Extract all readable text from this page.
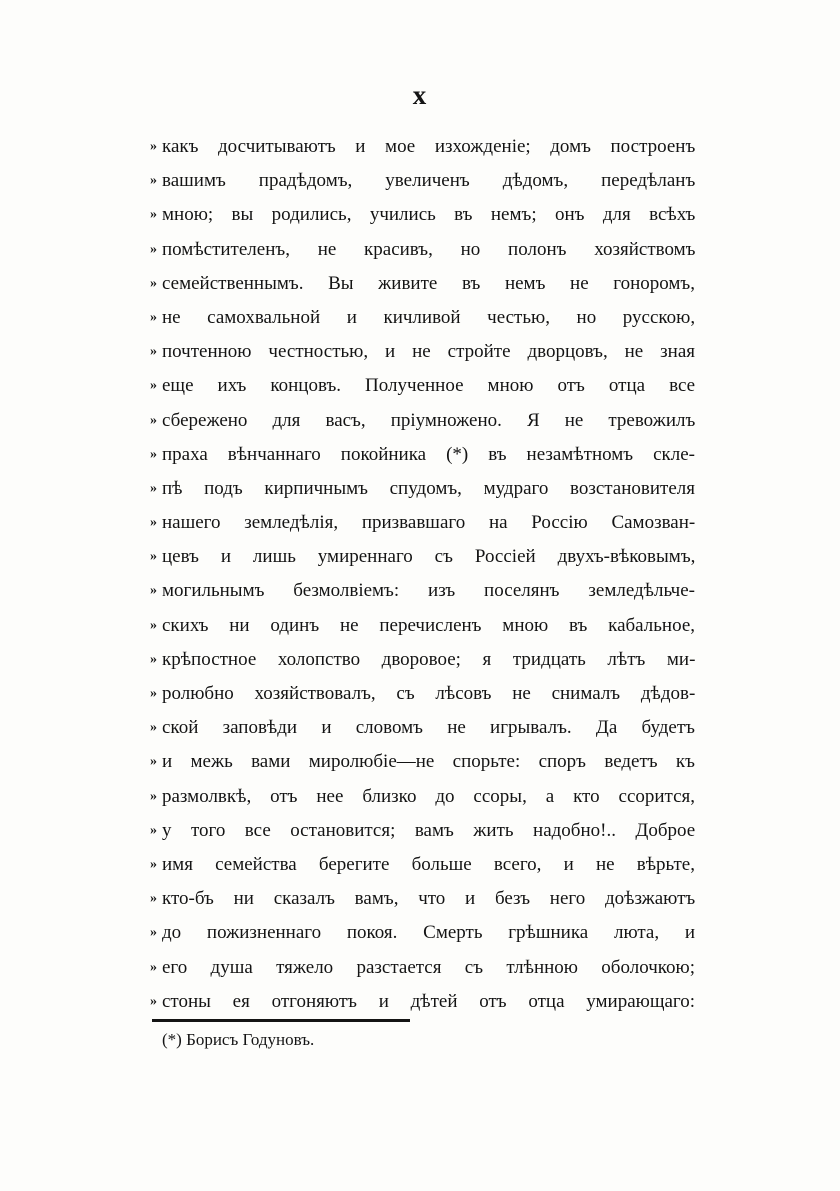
x
» какъ досчитываютъ и мое изхожденіе; домъ построенъ
» вашимъ прадѣдомъ, увеличенъ дѣдомъ, передѣланъ
» мною; вы родились, учились въ немъ; онъ для всѣхъ
» помѣстителенъ, не красивъ, но полонъ хозяйствомъ
» семейственнымъ. Вы живите въ немъ не гоноромъ,
» не самохвальной и кичливой честью, но русскою,
» почтенною честностью, и не стройте дворцовъ, не зная
» еще ихъ концовъ. Полученное мною отъ отца все
» сбережено для васъ, пріумножено. Я не тревожилъ
» праха вѣнчаннаго покойника (*) въ незамѣтномъ скле-
» пѣ подъ кирпичнымъ спудомъ, мудраго возстановителя
» нашего земледѣлія, призвавшаго на Россію Самозван-
» цевъ и лишь умиреннаго съ Россіей двухъ-вѣковымъ,
» могильнымъ безмолвіемъ: изъ поселянъ земледѣльче-
» скихъ ни одинъ не перечисленъ мною въ кабальное,
» крѣпостное холопство дворовое; я тридцать лѣтъ ми-
» ролюбно хозяйствовалъ, съ лѣсовъ не снималъ дѣдов-
» ской заповѣди и словомъ не игрывалъ. Да будетъ
» и межь вами миролюбіе—не спорьте: споръ ведетъ къ
» размолвкѣ, отъ нее близко до ссоры, а кто ссорится,
» у того все остановится; вамъ жить надобно!.. Доброе
» имя семейства берегите больше всего, и не вѣрьте,
» кто-бъ ни сказалъ вамъ, что и безъ него доѣзжаютъ
» до пожизненнаго покоя. Смерть грѣшника люта, и
» его душа тяжело разстается съ тлѣнною оболочкою;
» стоны ея отгоняютъ и дѣтей отъ отца умирающаго:
(*) Борисъ Годуновъ.
